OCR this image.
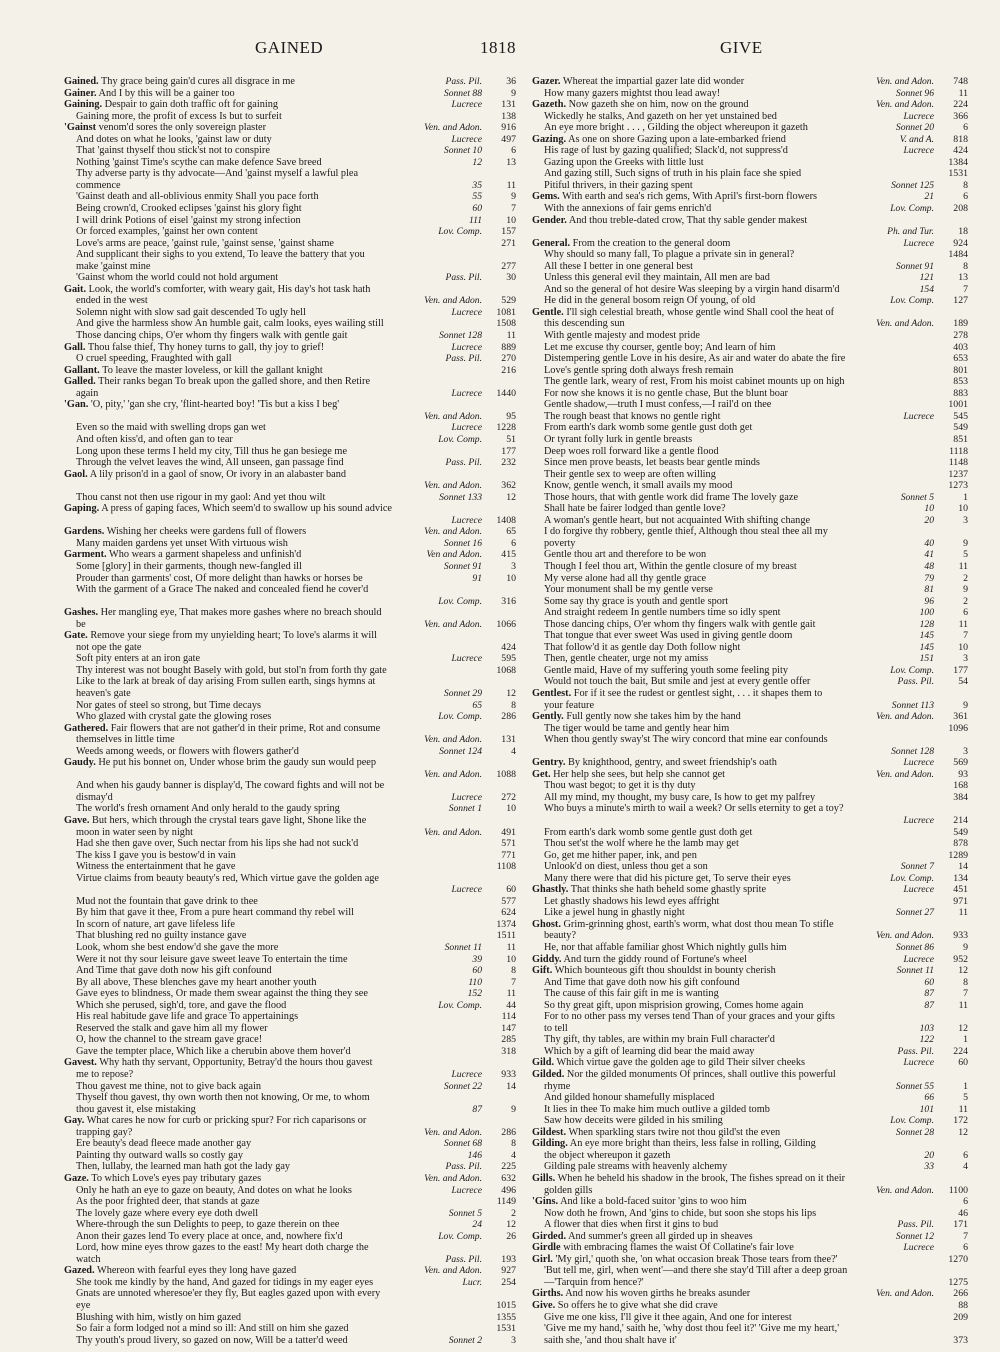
GAINED	1818	GIVE
Gained. Thy grace being gain'd cures all disgrace in me	Pass. Pil.	36
Gainer. And I by this will be a gainer too	Sonnet 88	9
Gaining. Despair to gain doth traffic oft for gaining	Lucrece	131
Gaining more, the profit of excess Is but to surfeit	138
'Gainst venom'd sores the only sovereign plaster	Ven. and Adon.	916
And dotes on what he looks, 'gainst law or duty	Lucrece	497
That 'gainst thyself thou stick'st not to conspire	Sonnet 10	6
Nothing 'gainst Time's scythe can make defence Save breed	12	13
Thy adverse party is thy advocate—And 'gainst myself a lawful plea
commence	35	11
'Gainst death and all-oblivious enmity Shall you pace forth	55	9
Being crown'd, Crooked eclipses 'gainst his glory fight	60	7
I will drink Potions of eisel 'gainst my strong infection	111	10
Or forced examples, 'gainst her own content	Lov. Comp.	157
Love's arms are peace, 'gainst rule, 'gainst sense, 'gainst shame	271
And supplicant their sighs to you extend, To leave the battery that you
make 'gainst mine	277
'Gainst whom the world could not hold argument	Pass. Pil.	30
Gait. Look, the world's comforter, with weary gait, His day's hot task hath
ended in the west	Ven. and Adon.	529
Solemn night with slow sad gait descended To ugly hell	Lucrece	1081
And give the harmless show An humble gait, calm looks, eyes wailing still	1508
Those dancing chips, O'er whom thy fingers walk with gentle gait	Sonnet 128	11
Gall. Thou false thief, Thy honey turns to gall, thy joy to grief!	Lucrece	889
O cruel speeding, Fraughted with gall	Pass. Pil.	270
Gallant. To leave the master loveless, or kill the gallant knight	216
Galled. Their ranks began To break upon the galled shore, and then Retire
again	Lucrece	1440
'Gan. 'O, pity,' 'gan she cry, 'flint-hearted boy! 'Tis but a kiss I beg'
Ven. and Adon.	95
Even so the maid with swelling drops gan wet	Lucrece	1228
And often kiss'd, and often gan to tear	Lov. Comp.	51
Long upon these terms I held my city, Till thus he gan besiege me	177
Through the velvet leaves the wind, All unseen, gan passage find	Pass. Pil.	232
Gaol. A lily prison'd in a gaol of snow, Or ivory in an alabaster band
Ven. and Adon.	362
Thou canst not then use rigour in my gaol: And yet thou wilt	Sonnet 133	12
Gaping. A press of gaping faces, Which seem'd to swallow up his sound advice
Lucrece	1408
Gardens. Wishing her cheeks were gardens full of flowers	Ven. and Adon.	65
Many maiden gardens yet unset With virtuous wish	Sonnet 16	6
Garment. Who wears a garment shapeless and unfinish'd	Ven and Adon.	415
Some [glory] in their garments, though new-fangled ill	Sonnet 91	3
Prouder than garments' cost, Of more delight than hawks or horses be	91	10
With the garment of a Grace The naked and concealed fiend he cover'd
Lov. Comp.	316
Gashes. Her mangling eye, That makes more gashes where no breach should
be	Ven. and Adon.	1066
Gate. Remove your siege from my unyielding heart; To love's alarms it will
not ope the gate	424
Soft pity enters at an iron gate	Lucrece	595
Thy interest was not bought Basely with gold, but stol'n from forth thy gate	1068
Like to the lark at break of day arising From sullen earth, sings hymns at
heaven's gate	Sonnet 29	12
Nor gates of steel so strong, but Time decays	65	8
Who glazed with crystal gate the glowing roses	Lov. Comp.	286
Gathered. Fair flowers that are not gather'd in their prime, Rot and consume
themselves in little time	Ven. and Adon.	131
Weeds among weeds, or flowers with flowers gather'd	Sonnet 124	4
Gaudy. He put his bonnet on, Under whose brim the gaudy sun would peep
Ven. and Adon.	1088
And when his gaudy banner is display'd, The coward fights and will not be
dismay'd	Lucrece	272
The world's fresh ornament And only herald to the gaudy spring	Sonnet 1	10
Gave. But hers, which through the crystal tears gave light, Shone like the
moon in water seen by night	Ven. and Adon.	491
Had she then gave over, Such nectar from his lips she had not suck'd	571
The kiss I gave you is bestow'd in vain	771
Witness the entertainment that he gave	1108
Virtue claims from beauty beauty's red, Which virtue gave the golden age
Lucrece	60
Mud not the fountain that gave drink to thee	577
By him that gave it thee, From a pure heart command thy rebel will	624
In scorn of nature, art gave lifeless life	1374
That blushing red no guilty instance gave	1511
Look, whom she best endow'd she gave the more	Sonnet 11	11
Were it not thy sour leisure gave sweet leave To entertain the time	39	10
And Time that gave doth now his gift confound	60	8
By all above, These blenches gave my heart another youth	110	7
Gave eyes to blindness, Or made them swear against the thing they see	152	11
Which she perused, sigh'd, tore, and gave the flood	Lov. Comp.	44
His real habitude gave life and grace To appertainings	114
Reserved the stalk and gave him all my flower	147
O, how the channel to the stream gave grace!	285
Gave the tempter place, Which like a cherubin above them hover'd	318
Gavest. Why hath thy servant, Opportunity, Betray'd the hours thou gavest
me to repose?	Lucrece	933
Thou gavest me thine, not to give back again	Sonnet 22	14
Thyself thou gavest, thy own worth then not knowing, Or me, to whom
thou gavest it, else mistaking	87	9
Gay. What cares he now for curb or pricking spur? For rich caparisons or
trapping gay?	Ven. and Adon.	286
Ere beauty's dead fleece made another gay	Sonnet 68	8
Painting thy outward walls so costly gay	146	4
Then, lullaby, the learned man hath got the lady gay	Pass. Pil.	225
Gaze. To which Love's eyes pay tributary gazes	Ven. and Adon.	632
Only he hath an eye to gaze on beauty, And dotes on what he looks	Lucrece	496
As the poor frighted deer, that stands at gaze	1149
The lovely gaze where every eye doth dwell	Sonnet 5	2
Where-through the sun Delights to peep, to gaze therein on thee	24	12
Anon their gazes lend To every place at once, and, nowhere fix'd	Lov. Comp.	26
Lord, how mine eyes throw gazes to the east! My heart doth charge the
watch	Pass. Pil.	193
Gazed. Whereon with fearful eyes they long have gazed	Ven. and Adon.	927
She took me kindly by the hand, And gazed for tidings in my eager eyes	Lucr.	254
Gnats are unnoted wheresoe'er they fly, But eagles gazed upon with every
eye	1015
Blushing with him, wistly on him gazed	1355
So fair a form lodged not a mind so ill: And still on him she gazed	1531
Thy youth's proud livery, so gazed on now, Will be a tatter'd weed	Sonnet 2	3
Gazer. Whereat the impartial gazer late did wonder	Ven. and Adon.	748
How many gazers mightst thou lead away!	Sonnet 96	11
Gazeth. Now gazeth she on him, now on the ground	Ven. and Adon.	224
Wickedly he stalks, And gazeth on her yet unstained bed	Lucrece	366
An eye more bright . . . , Gilding the object whereupon it gazeth	Sonnet 20	6
Gazing. As one on shore Gazing upon a late-embarked friend	V. and A.	818
His rage of lust by gazing qualified; Slack'd, not suppress'd	Lucrece	424
Gazing upon the Greeks with little lust	1384
And gazing still, Such signs of truth in his plain face she spied	1531
Pitiful thrivers, in their gazing spent	Sonnet 125	8
Gems. With earth and sea's rich gems, With April's first-born flowers	21	6
With the annexions of fair gems enrich'd	Lov. Comp.	208
Gender. And thou treble-dated crow, That thy sable gender makest
Ph. and Tur.	18
General. From the creation to the general doom	Lucrece	924
Why should so many fall, To plague a private sin in general?	1484
All these I better in one general best	Sonnet 91	8
Unless this general evil they maintain, All men are bad	121	13
And so the general of hot desire Was sleeping by a virgin hand disarm'd	154	7
He did in the general bosom reign Of young, of old	Lov. Comp.	127
Gentle. I'll sigh celestial breath, whose gentle wind Shall cool the heat of
this descending sun	Ven. and Adon.	189
With gentle majesty and modest pride	278
Let me excuse thy courser, gentle boy; And learn of him	403
Distempering gentle Love in his desire, As air and water do abate the fire	653
Love's gentle spring doth always fresh remain	801
The gentle lark, weary of rest, From his moist cabinet mounts up on high	853
For now she knows it is no gentle chase, But the blunt boar	883
Gentle shadow,—truth I must confess,—I rail'd on thee	1001
The rough beast that knows no gentle right	Lucrece	545
From earth's dark womb some gentle gust doth get	549
Or tyrant folly lurk in gentle breasts	851
Deep woes roll forward like a gentle flood	1118
Since men prove beasts, let beasts bear gentle minds	1148
Their gentle sex to weep are often willing	1237
Know, gentle wench, it small avails my mood	1273
Those hours, that with gentle work did frame The lovely gaze	Sonnet 5	1
Shall hate be fairer lodged than gentle love?	10	10
A woman's gentle heart, but not acquainted With shifting change	20	3
I do forgive thy robbery, gentle thief, Although thou steal thee all my
poverty	40	9
Gentle thou art and therefore to be won	41	5
Though I feel thou art, Within the gentle closure of my breast	48	11
My verse alone had all thy gentle grace	79	2
Your monument shall be my gentle verse	81	9
Some say thy grace is youth and gentle sport	96	2
And straight redeem In gentle numbers time so idly spent	100	6
Those dancing chips, O'er whom thy fingers walk with gentle gait	128	11
That tongue that ever sweet Was used in giving gentle doom	145	7
That follow'd it as gentle day Doth follow night	145	10
Then, gentle cheater, urge not my amiss	151	3
Gentle maid, Have of my suffering youth some feeling pity	Lov. Comp.	177
Would not touch the bait, But smile and jest at every gentle offer	Pass. Pil.	54
Gentlest. For if it see the rudest or gentlest sight, . . . it shapes them to
your feature	Sonnet 113	9
Gently. Full gently now she takes him by the hand	Ven. and Adon.	361
The tiger would be tame and gently hear him	1096
When thou gently sway'st The wiry concord that mine ear confounds
Sonnet 128	3
Gentry. By knighthood, gentry, and sweet friendship's oath	Lucrece	569
Get. Her help she sees, but help she cannot get	Ven. and Adon.	93
Thou wast begot; to get it is thy duty	168
All my mind, my thought, my busy care, Is how to get my palfrey	384
Who buys a minute's mirth to wail a week? Or sells eternity to get a toy?
Lucrece	214
From earth's dark womb some gentle gust doth get	549
Thou set'st the wolf where he the lamb may get	878
Go, get me hither paper, ink, and pen	1289
Unlook'd on diest, unless thou get a son	Sonnet 7	14
Many there were that did his picture get, To serve their eyes	Lov. Comp.	134
Ghastly. That thinks she hath beheld some ghastly sprite	Lucrece	451
Let ghastly shadows his lewd eyes affright	971
Like a jewel hung in ghastly night	Sonnet 27	11
Ghost. Grim-grinning ghost, earth's worm, what dost thou mean To stifle
beauty?	Ven. and Adon.	933
He, nor that affable familiar ghost Which nightly gulls him	Sonnet 86	9
Giddy. And turn the giddy round of Fortune's wheel	Lucrece	952
Gift. Which bounteous gift thou shouldst in bounty cherish	Sonnet 11	12
And Time that gave doth now his gift confound	60	8
The cause of this fair gift in me is wanting	87	7
So thy great gift, upon misprision growing, Comes home again	87	11
For to no other pass my verses tend Than of your graces and your gifts
to tell	103	12
Thy gift, thy tables, are within my brain Full character'd	122	1
Which by a gift of learning did bear the maid away	Pass. Pil.	224
Gild. Which virtue gave the golden age to gild Their silver cheeks	Lucrece	60
Gilded. Nor the gilded monuments Of princes, shall outlive this powerful
rhyme	Sonnet 55	1
And gilded honour shamefully misplaced	66	5
It lies in thee To make him much outlive a gilded tomb	101	11
Saw how deceits were gilded in his smiling	Lov. Comp.	172
Gildest. When sparkling stars twire not thou gild'st the even	Sonnet 28	12
Gilding. An eye more bright than theirs, less false in rolling, Gilding
the object whereupon it gazeth	20	6
Gilding pale streams with heavenly alchemy	33	4
Gills. When he beheld his shadow in the brook, The fishes spread on it their
golden gills	Ven. and Adon.	1100
'Gins. And like a bold-faced suitor 'gins to woo him	6
Now doth he frown, And 'gins to chide, but soon she stops his lips	46
A flower that dies when first it gins to bud	Pass. Pil.	171
Girded. And summer's green all girded up in sheaves	Sonnet 12	7
Girdle with embracing flames the waist Of Collatine's fair love	Lucrece	6
Girl. 'My girl,' quoth she, 'on what occasion break Those tears from thee?'	1270
'But tell me, girl, when went'—and there she stay'd Till after a deep groan
—'Tarquin from hence?'	1275
Girths. And now his woven girths he breaks asunder	Ven. and Adon.	266
Give. So offers he to give what she did crave	88
Give me one kiss, I'll give it thee again, And one for interest	209
'Give me my hand,' saith he, 'why dost thou feel it?' 'Give me my heart,'
saith she, 'and thou shalt have it'	373
